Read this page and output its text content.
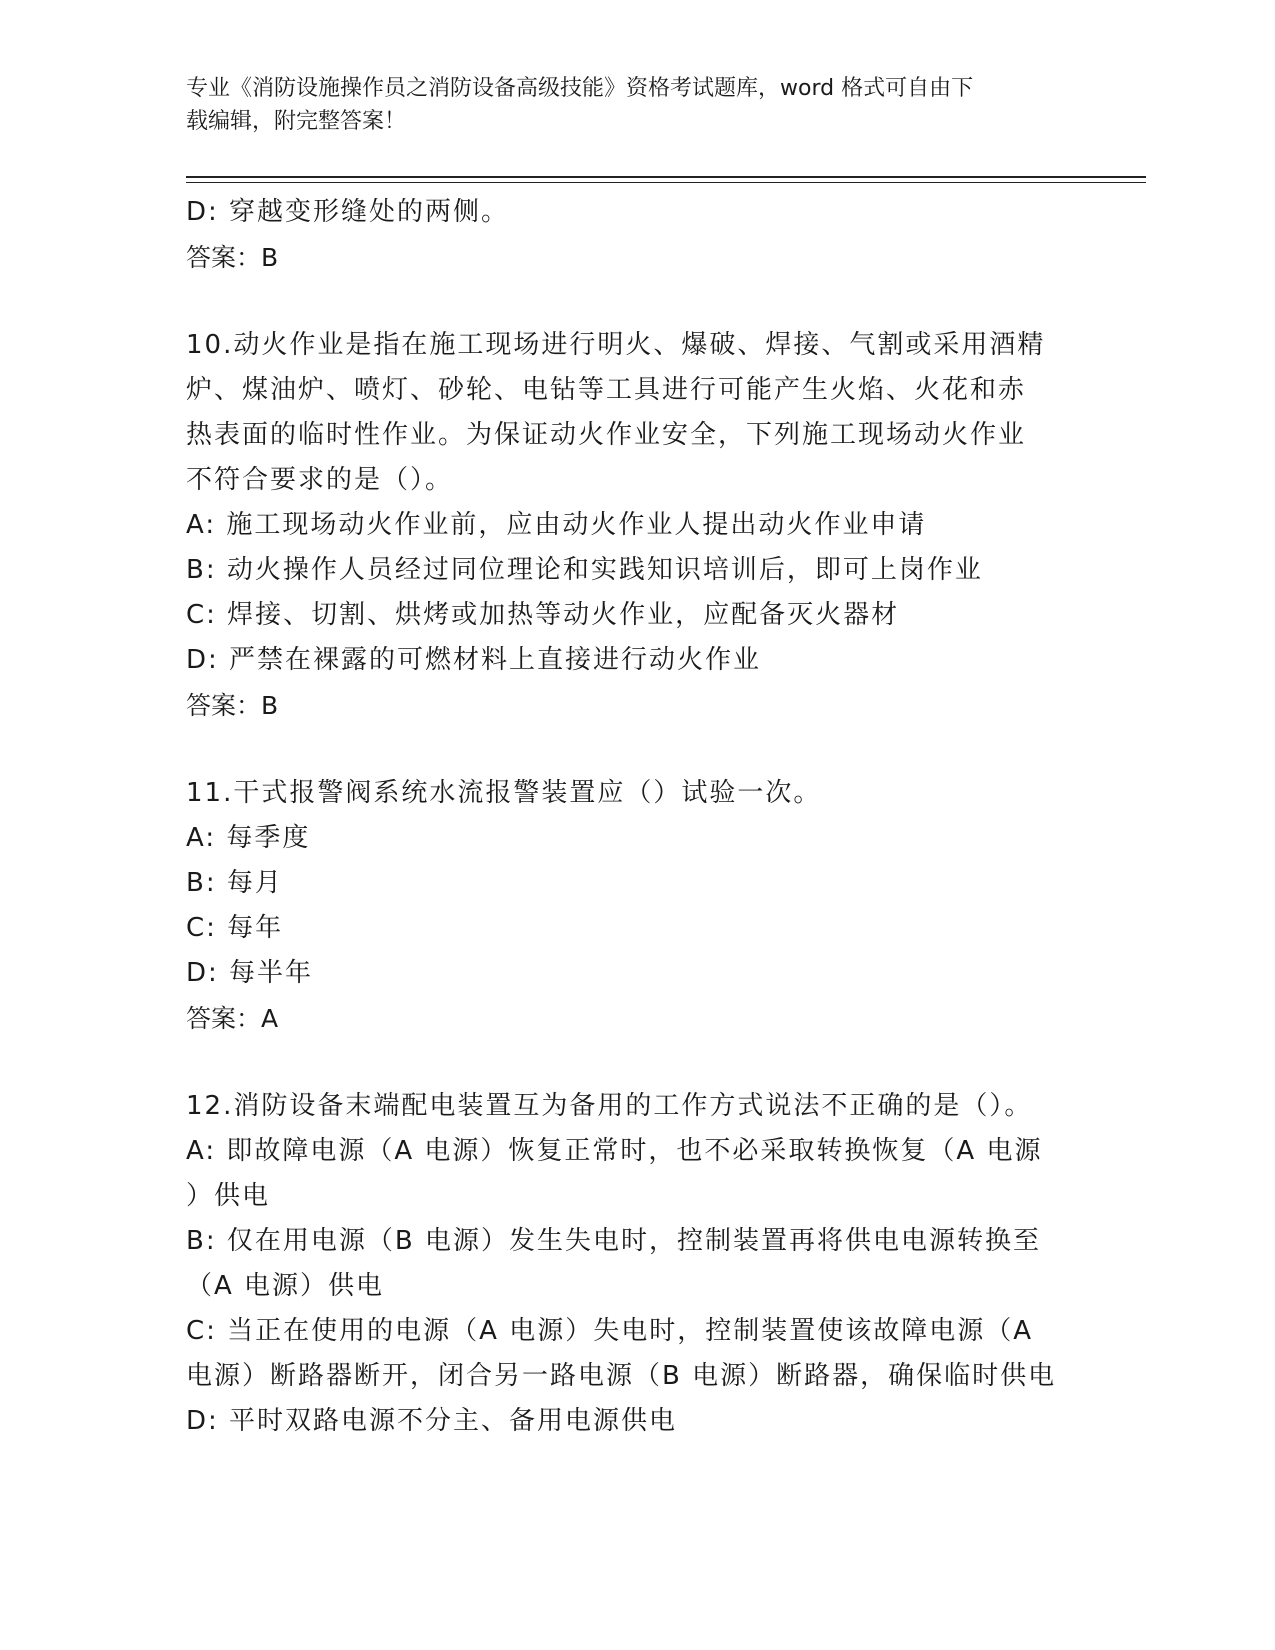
专业《消防设施操作员之消防设备高级技能》资格考试题库，word 格式可自由下
载编辑，附完整答案！
D: 穿越变形缝处的两侧。
答案：B
10.动火作业是指在施工现场进行明火、爆破、焊接、气割或采用酒精
炉、煤油炉、喷灯、砂轮、电钻等工具进行可能产生火焰、火花和赤
热表面的临时性作业。为保证动火作业安全，下列施工现场动火作业
不符合要求的是（）。
A: 施工现场动火作业前，应由动火作业人提出动火作业申请
B: 动火操作人员经过同位理论和实践知识培训后，即可上岗作业
C: 焊接、切割、烘烤或加热等动火作业，应配备灭火器材
D: 严禁在裸露的可燃材料上直接进行动火作业
答案：B
11.干式报警阀系统水流报警装置应（）试验一次。
A: 每季度
B: 每月
C: 每年
D: 每半年
答案：A
12.消防设备末端配电装置互为备用的工作方式说法不正确的是（）。
A: 即故障电源（A 电源）恢复正常时，也不必采取转换恢复（A 电源
）供电
B: 仅在用电源（B 电源）发生失电时，控制装置再将供电电源转换至
（A 电源）供电
C: 当正在使用的电源（A 电源）失电时，控制装置使该故障电源（A
电源）断路器断开，闭合另一路电源（B 电源）断路器，确保临时供电
D: 平时双路电源不分主、备用电源供电
